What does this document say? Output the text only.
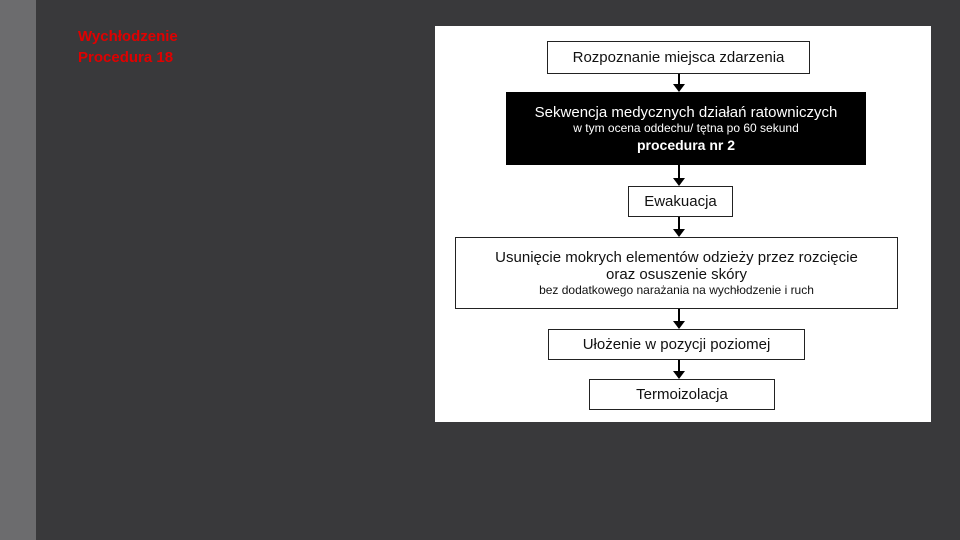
Wychłodzenie
Procedura 18	Rozpoznanie miejsca zdarzenia
Sekwencja medycznych działań ratowniczych
w tym ocena oddechu/ tętna po 60 sekund
procedura nr 2
Ewakuacja
Usunięcie mokrych elementów odzieży przez rozcięcie
oraz osuszenie skóry
bez dodatkowego narażania na wychłodzenie i ruch
Ułożenie w pozycji poziomej
Termoizolacja
